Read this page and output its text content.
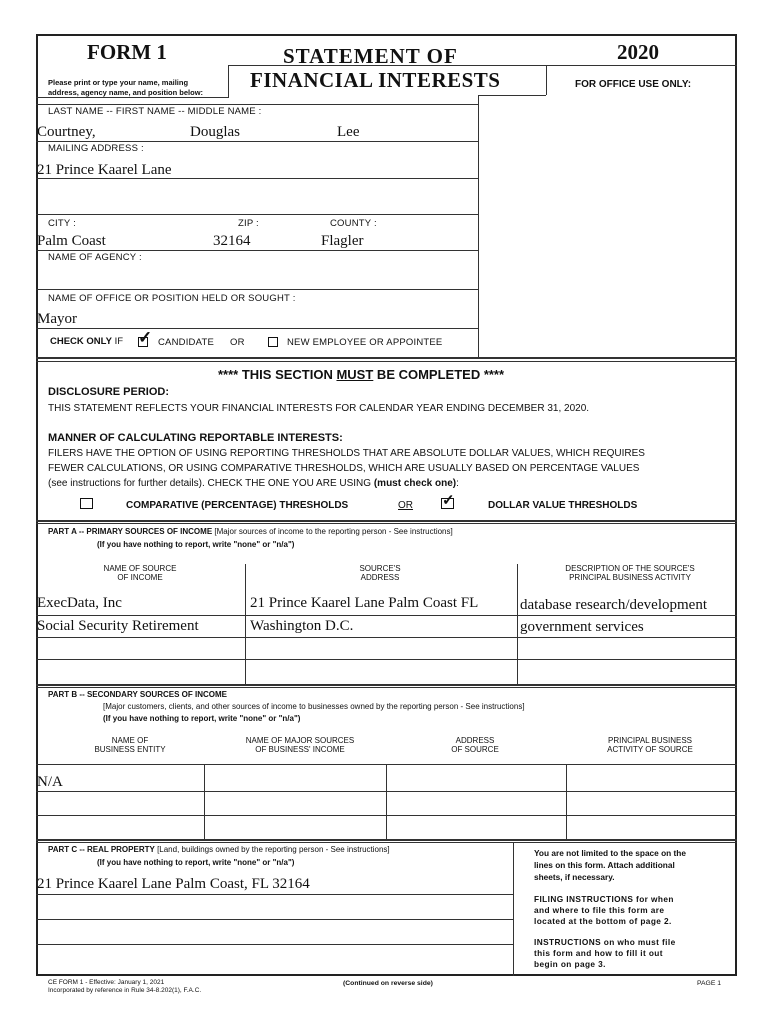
FORM 1
Please print or type your name, mailing
address, agency name, and position below:
STATEMENT OF
FINANCIAL INTERESTS
2020
FOR OFFICE USE ONLY:
LAST NAME -- FIRST NAME -- MIDDLE NAME :
Courtney,	Douglas	Lee
MAILING ADDRESS :
21 Prince Kaarel Lane
CITY :	ZIP :	COUNTY :
Palm Coast	32164	Flagler
NAME OF AGENCY :
NAME OF OFFICE OR POSITION HELD OR SOUGHT :
Mayor
CHECK ONLY IF ✓ CANDIDATE OR	NEW EMPLOYEE OR APPOINTEE
**** THIS SECTION MUST BE COMPLETED ****
DISCLOSURE PERIOD:
THIS STATEMENT REFLECTS YOUR FINANCIAL INTERESTS FOR CALENDAR YEAR ENDING DECEMBER 31, 2020.
MANNER OF CALCULATING REPORTABLE INTERESTS:
FILERS HAVE THE OPTION OF USING REPORTING THRESHOLDS THAT ARE ABSOLUTE DOLLAR VALUES, WHICH REQUIRES
FEWER CALCULATIONS, OR USING COMPARATIVE THRESHOLDS, WHICH ARE USUALLY BASED ON PERCENTAGE VALUES
(see instructions for further details). CHECK THE ONE YOU ARE USING (must check one):
COMPARATIVE (PERCENTAGE) THRESHOLDS	OR ✓	DOLLAR VALUE THRESHOLDS
PART A -- PRIMARY SOURCES OF INCOME [Major sources of income to the reporting person - See instructions]
(If you have nothing to report, write "none" or "n/a")
NAME OF SOURCE
OF INCOME
SOURCE'S
ADDRESS
DESCRIPTION OF THE SOURCE'S
PRINCIPAL BUSINESS ACTIVITY
ExecData, Inc	21 Prince Kaarel Lane Palm Coast FL	database research/development
Social Security Retirement	Washington D.C.	government services
PART B -- SECONDARY SOURCES OF INCOME
[Major customers, clients, and other sources of income to businesses owned by the reporting person - See instructions]
(If you have nothing to report, write "none" or "n/a")
NAME OF
BUSINESS ENTITY
NAME OF MAJOR SOURCES
OF BUSINESS' INCOME
ADDRESS
OF SOURCE
PRINCIPAL BUSINESS
ACTIVITY OF SOURCE
N/A
PART C -- REAL PROPERTY [Land, buildings owned by the reporting person - See instructions]
(If you have nothing to report, write "none" or "n/a")
21 Prince Kaarel Lane Palm Coast, FL 32164
You are not limited to the space on the
lines on this form. Attach additional
sheets, if necessary.
FILING INSTRUCTIONS for when
and where to file this form are
located at the bottom of page 2.
INSTRUCTIONS on who must file
this form and how to fill it out
begin on page 3.
CE FORM 1 - Effective: January 1, 2021
Incorporated by reference in Rule 34-8.202(1), F.A.C.
(Continued on reverse side)	PAGE 1
